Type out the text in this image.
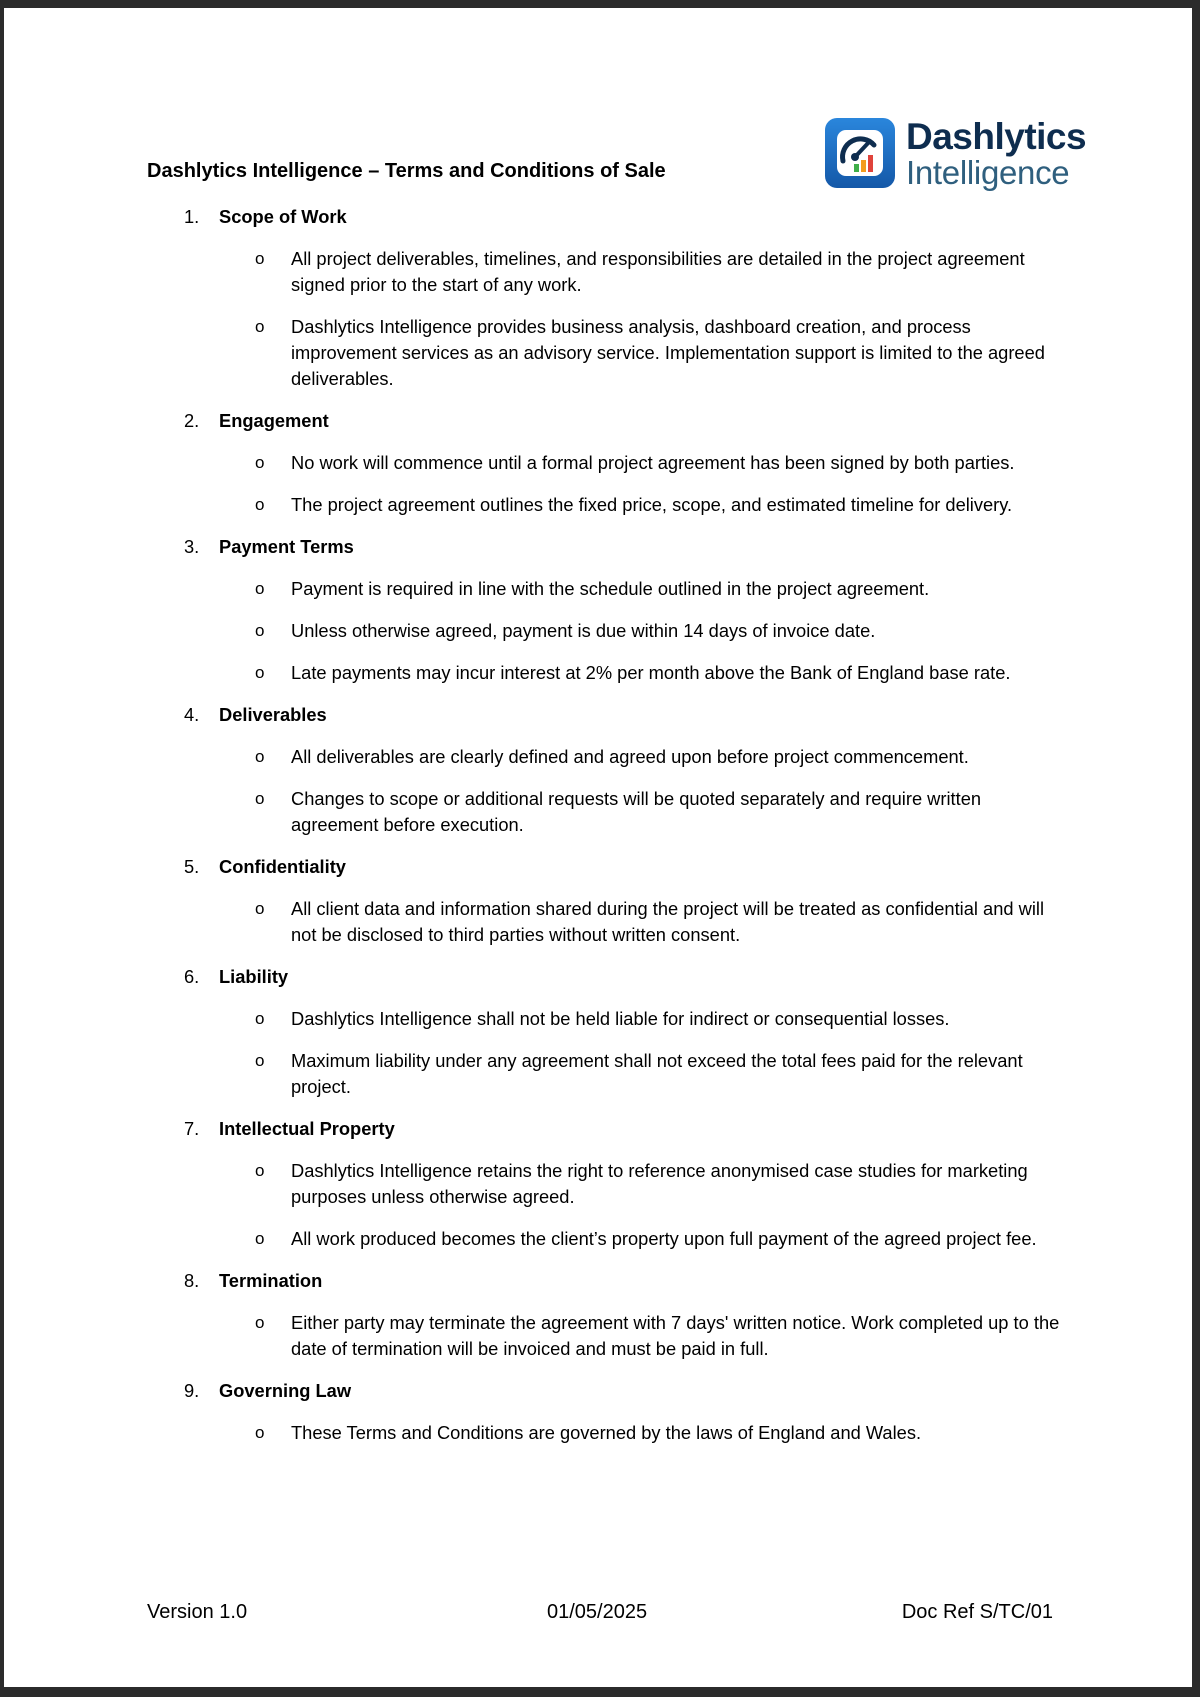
Dashlytics
Intelligence
Dashlytics Intelligence – Terms and Conditions of Sale
1. Scope of Work
o All project deliverables, timelines, and responsibilities are detailed in the project agreement signed prior to the start of any work.
o Dashlytics Intelligence provides business analysis, dashboard creation, and process improvement services as an advisory service. Implementation support is limited to the agreed deliverables.
2. Engagement
o No work will commence until a formal project agreement has been signed by both parties.
o The project agreement outlines the fixed price, scope, and estimated timeline for delivery.
3. Payment Terms
o Payment is required in line with the schedule outlined in the project agreement.
o Unless otherwise agreed, payment is due within 14 days of invoice date.
o Late payments may incur interest at 2% per month above the Bank of England base rate.
4. Deliverables
o All deliverables are clearly defined and agreed upon before project commencement.
o Changes to scope or additional requests will be quoted separately and require written agreement before execution.
5. Confidentiality
o All client data and information shared during the project will be treated as confidential and will not be disclosed to third parties without written consent.
6. Liability
o Dashlytics Intelligence shall not be held liable for indirect or consequential losses.
o Maximum liability under any agreement shall not exceed the total fees paid for the relevant project.
7. Intellectual Property
o Dashlytics Intelligence retains the right to reference anonymised case studies for marketing purposes unless otherwise agreed.
o All work produced becomes the client’s property upon full payment of the agreed project fee.
8. Termination
o Either party may terminate the agreement with 7 days' written notice. Work completed up to the date of termination will be invoiced and must be paid in full.
9. Governing Law
o These Terms and Conditions are governed by the laws of England and Wales.
Version 1.0	01/05/2025	Doc Ref S/TC/01
